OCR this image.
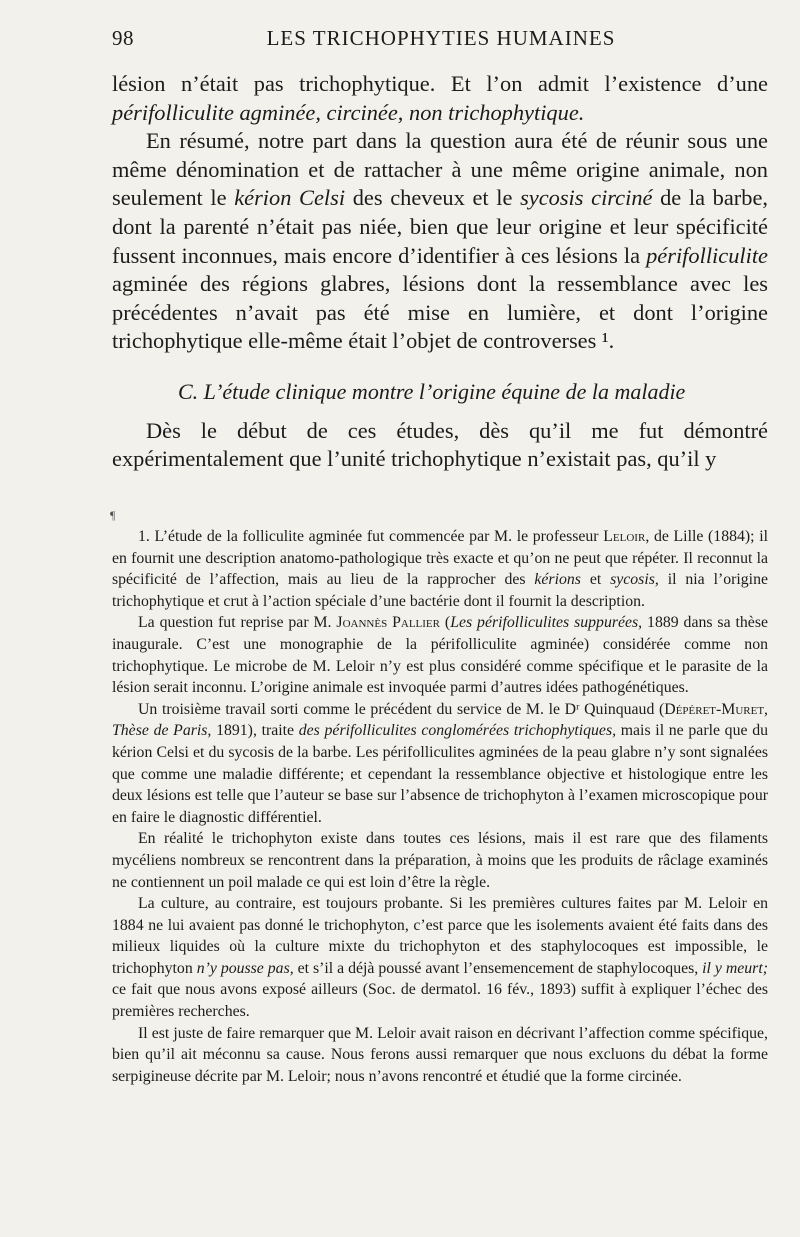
98	LES TRICHOPHYTIES HUMAINES

lésion n’était pas trichophytique. Et l’on admit l’existence d’une périfolliculite agminée, circinée, non trichophytique.

En résumé, notre part dans la question aura été de réunir sous une même dénomination et de rattacher à une même origine animale, non seulement le kérion Celsi des cheveux et le sycosis circiné de la barbe, dont la parenté n’était pas niée, bien que leur origine et leur spécificité fussent inconnues, mais encore d’identifier à ces lésions la périfolliculite agminée des régions glabres, lésions dont la ressemblance avec les précédentes n’avait pas été mise en lumière, et dont l’origine trichophytique elle-même était l’objet de controverses ¹.

C. L’étude clinique montre l’origine équine de la maladie

Dès le début de ces études, dès qu’il me fut démontré expérimentalement que l’unité trichophytique n’existait pas, qu’il y

¶

1. L’étude de la folliculite agminée fut commencée par M. le professeur Leloir, de Lille (1884); il en fournit une description anatomo-pathologique très exacte et qu’on ne peut que répéter. Il reconnut la spécificité de l’affection, mais au lieu de la rapprocher des kérions et sycosis, il nia l’origine trichophytique et crut à l’action spéciale d’une bactérie dont il fournit la description.

La question fut reprise par M. Joannès Pallier (Les périfolliculites suppurées, 1889 dans sa thèse inaugurale. C’est une monographie de la périfolliculite agminée) considérée comme non trichophytique. Le microbe de M. Leloir n’y est plus considéré comme spécifique et le parasite de la lésion serait inconnu. L’origine animale est invoquée parmi d’autres idées pathogénétiques.

Un troisième travail sorti comme le précédent du service de M. le Dʳ Quinquaud (Dépéret-Muret, Thèse de Paris, 1891), traite des périfolliculites conglomérées trichophytiques, mais il ne parle que du kérion Celsi et du sycosis de la barbe. Les périfolliculites agminées de la peau glabre n’y sont signalées que comme une maladie différente; et cependant la ressemblance objective et histologique entre les deux lésions est telle que l’auteur se base sur l’absence de trichophyton à l’examen microscopique pour en faire le diagnostic différentiel.

En réalité le trichophyton existe dans toutes ces lésions, mais il est rare que des filaments mycéliens nombreux se rencontrent dans la préparation, à moins que les produits de râclage examinés ne contiennent un poil malade ce qui est loin d’être la règle.

La culture, au contraire, est toujours probante. Si les premières cultures faites par M. Leloir en 1884 ne lui avaient pas donné le trichophyton, c’est parce que les isolements avaient été faits dans des milieux liquides où la culture mixte du trichophyton et des staphylocoques est impossible, le trichophyton n’y pousse pas, et s’il a déjà poussé avant l’ensemencement de staphylocoques, il y meurt; ce fait que nous avons exposé ailleurs (Soc. de dermatol. 16 fév., 1893) suffit à expliquer l’échec des premières recherches.

Il est juste de faire remarquer que M. Leloir avait raison en décrivant l’affection comme spécifique, bien qu’il ait méconnu sa cause. Nous ferons aussi remarquer que nous excluons du débat la forme serpigineuse décrite par M. Leloir; nous n’avons rencontré et étudié que la forme circinée.
